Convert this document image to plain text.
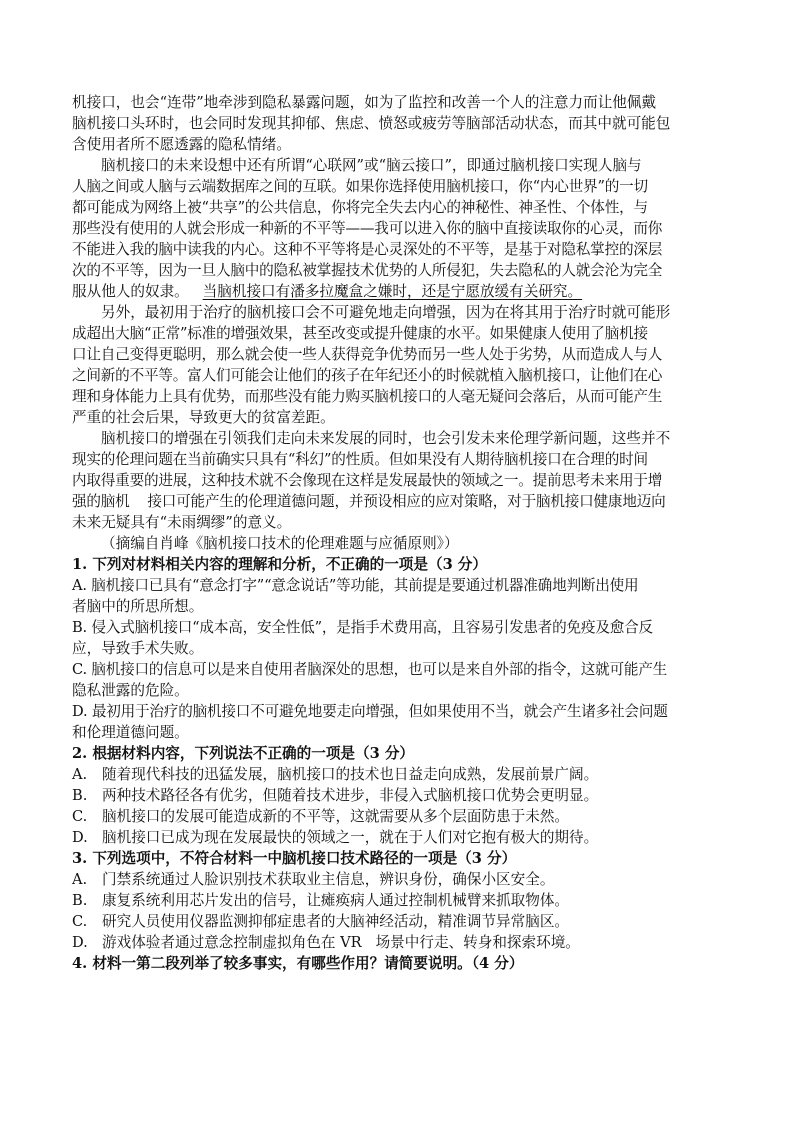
机接口，也会“连带”地牵涉到隐私暴露问题，如为了监控和改善一个人的注意力而让他佩戴
脑机接口头环时，也会同时发现其抑郁、焦虑、愤怒或疲劳等脑部活动状态，而其中就可能包
含使用者所不愿透露的隐私情绪。
脑机接口的未来设想中还有所谓“心联网”或“脑云接口”，即通过脑机接口实现人脑与
人脑之间或人脑与云端数据库之间的互联。如果你选择使用脑机接口，你“内心世界”的一切
都可能成为网络上被“共享”的公共信息，你将完全失去内心的神秘性、神圣性、个体性，与
那些没有使用的人就会形成一种新的不平等——我可以进入你的脑中直接读取你的心灵，而你
不能进入我的脑中读我的内心。这种不平等将是心灵深处的不平等，是基于对隐私掌控的深层
次的不平等，因为一旦人脑中的隐私被掌握技术优势的人所侵犯，失去隐私的人就会沦为完全
服从他人的奴隶。   当脑机接口有潘多拉魔盒之嫌时，还是宁愿放缓有关研究。
另外，最初用于治疗的脑机接口会不可避免地走向增强，因为在将其用于治疗时就可能形
成超出大脑“正常”标准的增强效果，甚至改变或提升健康的水平。如果健康人使用了脑机接
口让自己变得更聪明，那么就会使一些人获得竞争优势而另一些人处于劣势，从而造成人与人
之间新的不平等。富人们可能会让他们的孩子在年纪还小的时候就植入脑机接口，让他们在心
理和身体能力上具有优势，而那些没有能力购买脑机接口的人毫无疑问会落后，从而可能产生
严重的社会后果，导致更大的贫富差距。
脑机接口的增强在引领我们走向未来发展的同时，也会引发未来伦理学新问题，这些并不
现实的伦理问题在当前确实只具有“科幻”的性质。但如果没有人期待脑机接口在合理的时间
内取得重要的进展，这种技术就不会像现在这样是发展最快的领域之一。提前思考未来用于增
强的脑机    接口可能产生的伦理道德问题，并预设相应的应对策略，对于脑机接口健康地迈向
未来无疑具有“未雨绸缪”的意义。
（摘编自肖峰《脑机接口技术的伦理难题与应循原则》）
1. 下列对材料相关内容的理解和分析，不正确的一项是（3 分）
A. 脑机接口已具有“意念打字”“意念说话”等功能，其前提是要通过机器准确地判断出使用
者脑中的所思所想。
B. 侵入式脑机接口“成本高，安全性低”，是指手术费用高，且容易引发患者的免疫及愈合反
应，导致手术失败。
C. 脑机接口的信息可以是来自使用者脑深处的思想，也可以是来自外部的指令，这就可能产生
隐私泄露的危险。
D. 最初用于治疗的脑机接口不可避免地要走向增强，但如果使用不当，就会产生诸多社会问题
和伦理道德问题。
2. 根据材料内容，下列说法不正确的一项是（3 分）
A. 随着现代科技的迅猛发展，脑机接口的技术也日益走向成熟，发展前景广阔。
B. 两种技术路径各有优劣，但随着技术进步，非侵入式脑机接口优势会更明显。
C. 脑机接口的发展可能造成新的不平等，这就需要从多个层面防患于未然。
D. 脑机接口已成为现在发展最快的领域之一，就在于人们对它抱有极大的期待。
3. 下列选项中，不符合材料一中脑机接口技术路径的一项是（3 分）
A. 门禁系统通过人脸识别技术获取业主信息，辨识身份，确保小区安全。
B. 康复系统利用芯片发出的信号，让瘫痪病人通过控制机械臂来抓取物体。
C. 研究人员使用仪器监测抑郁症患者的大脑神经活动，精准调节异常脑区。
D. 游戏体验者通过意念控制虚拟角色在 VR   场景中行走、转身和探索环境。
4. 材料一第二段列举了较多事实，有哪些作用？请简要说明。（4 分）
